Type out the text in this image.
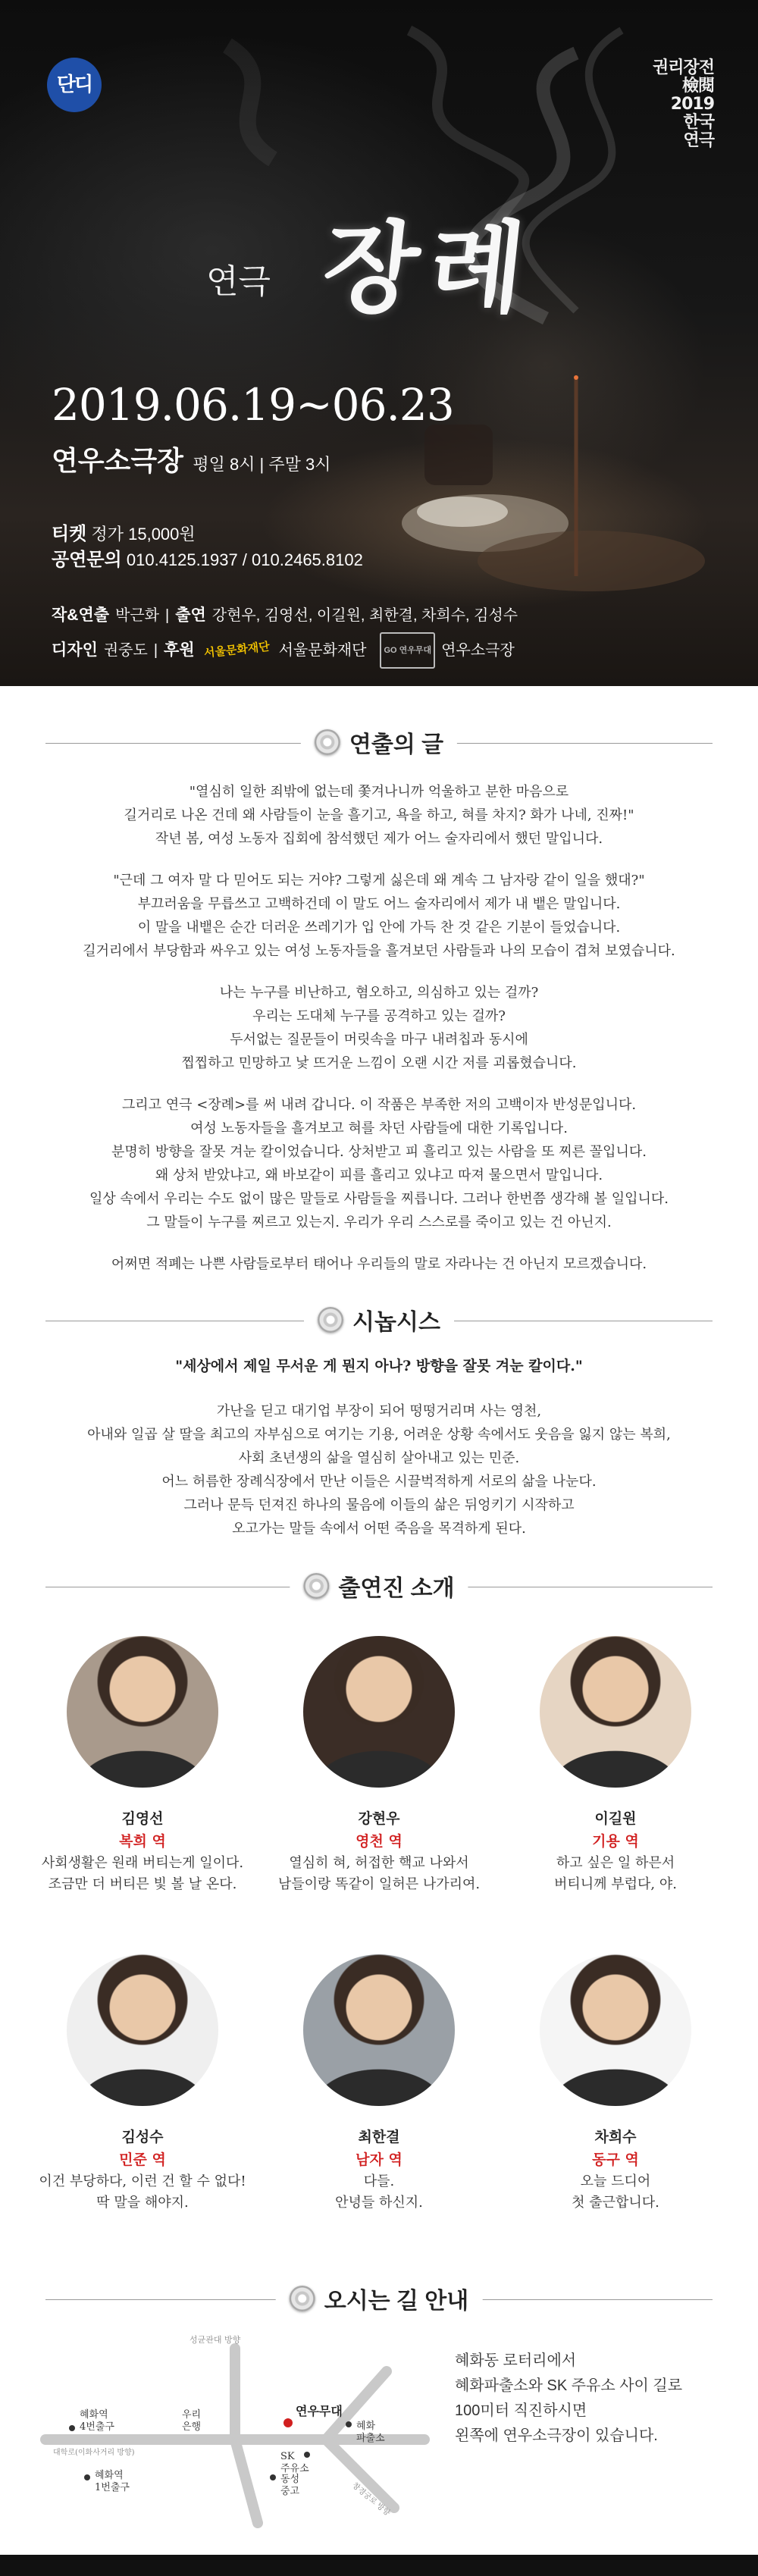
단디
권리장전
檢閱
2019
한국
연극
연극 장례
2019.06.19~06.23
연우소극장 평일 8시 | 주말 3시
티켓 정가 15,000원
공연문의 010.4125.1937 / 010.2465.8102
작&연출 박근화 | 출연 강현우, 김영선, 이길원, 최한결, 차희수, 김성수
디자인 권중도 | 후원 서울문화재단 서울문화재단	GO 연우무대 연우소극장
연출의 글

"열심히 일한 죄밖에 없는데 쫓겨나니까 억울하고 분한 마음으로
길거리로 나온 건데 왜 사람들이 눈을 흘기고, 욕을 하고, 혀를 차지? 화가 나네, 진짜!"
작년 봄, 여성 노동자 집회에 참석했던 제가 어느 술자리에서 했던 말입니다.

"근데 그 여자 말 다 믿어도 되는 거야? 그렇게 싫은데 왜 계속 그 남자랑 같이 일을 했대?"
부끄러움을 무릅쓰고 고백하건데 이 말도 어느 술자리에서 제가 내 뱉은 말입니다.
이 말을 내뱉은 순간 더러운 쓰레기가 입 안에 가득 찬 것 같은 기분이 들었습니다.
길거리에서 부당함과 싸우고 있는 여성 노동자들을 흘겨보던 사람들과 나의 모습이 겹쳐 보였습니다.

나는 누구를 비난하고, 혐오하고, 의심하고 있는 걸까?
우리는 도대체 누구를 공격하고 있는 걸까?
두서없는 질문들이 머릿속을 마구 내려칩과 동시에
찝찝하고 민망하고 낯 뜨거운 느낌이 오랜 시간 저를 괴롭혔습니다.

그리고 연극 <장례>를 써 내려 갑니다. 이 작품은 부족한 저의 고백이자 반성문입니다.
여성 노동자들을 흘겨보고 혀를 차던 사람들에 대한 기록입니다.
분명히 방향을 잘못 겨눈 칼이었습니다. 상처받고 피 흘리고 있는 사람을 또 찌른 꼴입니다.
왜 상처 받았냐고, 왜 바보같이 피를 흘리고 있냐고 따져 물으면서 말입니다.
일상 속에서 우리는 수도 없이 많은 말들로 사람들을 찌릅니다. 그러나 한번쯤 생각해 볼 일입니다.
그 말들이 누구를 찌르고 있는지. 우리가 우리 스스로를 죽이고 있는 건 아닌지.

어쩌면 적폐는 나쁜 사람들로부터 태어나 우리들의 말로 자라나는 건 아닌지 모르겠습니다.

시놉시스
"세상에서 제일 무서운 게 뭔지 아나? 방향을 잘못 겨눈 칼이다."
가난을 딛고 대기업 부장이 되어 떵떵거리며 사는 영천,
아내와 일곱 살 딸을 최고의 자부심으로 여기는 기용, 어려운 상황 속에서도 웃음을 잃지 않는 복희,
사회 초년생의 삶을 열심히 살아내고 있는 민준.
어느 허름한 장례식장에서 만난 이들은 시끌벅적하게 서로의 삶을 나눈다.
그러나 문득 던져진 하나의 물음에 이들의 삶은 뒤엉키기 시작하고
오고가는 말들 속에서 어떤 죽음을 목격하게 된다.
출연진 소개
김영선
복희 역
사회생활은 원래 버티는게 일이다.
조금만 더 버티믄 빛 볼 날 온다.
강현우
영천 역
열심히 혀, 허접한 핵교 나와서
남들이랑 똑같이 일허믄 나가리여.
이길원
기용 역
하고 싶은 일 하믄서
버티니께 부럽다, 야.
김성수
민준 역
이건 부당하다, 이런 건 할 수 없다!
딱 말을 해야지.
최한결
남자 역
다들.
안녕들 하신지.
차희수
동구 역
오늘 드디어
첫 출근합니다.
오시는 길 안내
연우무대
SK
주유소
혜화
파출소
우리
은행
성균관대 방향
혜화역
4번출구
혜화역
1번출구
동성
중고
대학로(이화사거리 방향)
창경궁로 방향
혜화동 로터리에서
혜화파출소와 SK 주유소 사이 길로
100미터 직진하시면
왼쪽에 연우소극장이 있습니다.
